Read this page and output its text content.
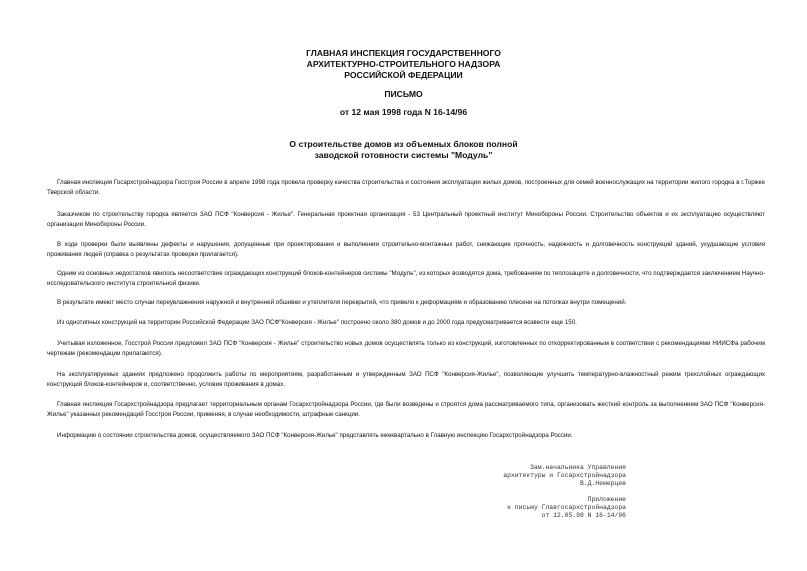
ГЛАВНАЯ ИНСПЕКЦИЯ ГОСУДАРСТВЕННОГО
АРХИТЕКТУРНО-СТРОИТЕЛЬНОГО НАДЗОРА
РОССИЙСКОЙ ФЕДЕРАЦИИ
ПИСЬМО
от 12 мая 1998 года N 16-14/96
О строительстве домов из объемных блоков полной
заводской готовности системы "Модуль"

Главная инспекция Госархстройнадзора Госстроя России в апреле 1998 года провела проверку качества строительства и состояния эксплуатации жилых домов, построенных для семей военнослужащих на территории жилого городка в г.Торжке Тверской области.

Заказчиком по строительству городка является ЗАО ПСФ "Конверсия - Жилье". Генеральная проектная организация - 53 Центральный проектный институт Минобороны России. Строительство объектов и их эксплуатацию осуществляют организации Минобороны России.

В ходе проверки были выявлены дефекты и нарушения, допущенные при проектировании и выполнении строительно-монтажных работ, снижающие прочность, надежность и долговечность конструкций зданий, ухудшающие условия проживания людей (справка о результатах проверки прилагается).

Одним из основных недостатков явилось несоответствие ограждающих конструкций блоков-контейнеров системы "Модуль", из которых возводятся дома, требованиям по теплозащите и долговечности, что подтверждается заключением Научно-исследовательского института строительной физики.

В результате имеют место случаи переувлажнения наружной и внутренней обшивки и утеплителя перекрытий, что привело к деформациям и образованию плесени на потолках внутри помещений.

Из однотипных конструкций на территории Российской Федерации ЗАО ПСФ"Конверсия - Жилье" построено около 380 домов и до 2000 года предусматривается возвести еще 150.

Учитывая изложенное, Госстрой России предложил ЗАО ПСФ "Конверсия - Жилье" строительство новых домов осуществлять только из конструкций, изготовленных по откорректированным в соответствии с рекомендациями НИИСФа рабочим чертежам (рекомендации прилагаются).

На эксплуатируемых зданиях предложено продолжить работы по мероприятиям, разработанным и утвержденным ЗАО ПСФ "Конверсия-Жилье", позволяющие улучшить температурно-влажностный режим трехслойных ограждающих конструкций блоков-контейнеров и, соответственно, условия проживания в домах.

Главная инспекция Госархстройнадзора предлагает территориальным органам Госархстройнадзора России, где были возведены и строятся дома рассматриваемого типа, организовать жесткий контроль за выполнением ЗАО ПСФ "Конверсия-Жилье" указанных рекомендаций Госстроя России, применяя, в случае необходимости, штрафные санкции.

Информацию о состоянии строительства домов, осуществляемого ЗАО ПСФ "Конверсия-Жилье" представлять ежеквартально в Главную инспекцию Госархстройнадзора России.

Зам.начальника Управления
архитектуры и Госархстройнадзора
В.Д.Немерцев
Приложение
к письму Главгосархстройнадзора
от 12.05.98 N 16-14/96
